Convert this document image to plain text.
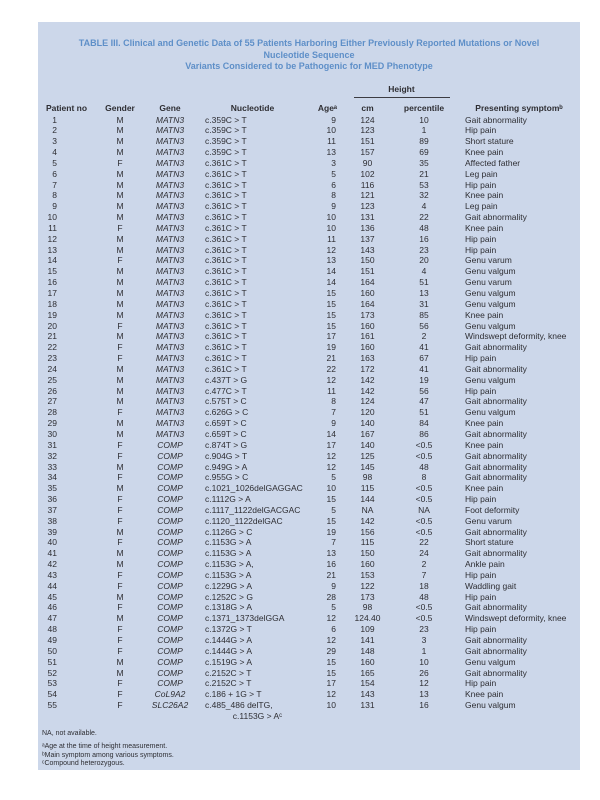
TABLE III. Clinical and Genetic Data of 55 Patients Harboring Either Previously Reported Mutations or Novel Nucleotide Sequence
Variants Considered to be Pathogenic for MED Phenotype

					Height		

Patient no	Gender	Gene	Nucleotide	Ageᵃ	cm	percentile	Presenting symptomᵇ
1	M	MATN3	c.359C > T	9	124	10	Gait abnormality
2	M	MATN3	c.359C > T	10	123	1	Hip pain
3	M	MATN3	c.359C > T	11	151	89	Short stature
4	M	MATN3	c.359C > T	13	157	69	Knee pain
5	F	MATN3	c.361C > T	3	90	35	Affected father
6	M	MATN3	c.361C > T	5	102	21	Leg pain
7	M	MATN3	c.361C > T	6	116	53	Hip pain
8	M	MATN3	c.361C > T	8	121	32	Knee pain
9	M	MATN3	c.361C > T	9	123	4	Leg pain
10	M	MATN3	c.361C > T	10	131	22	Gait abnormality
11	F	MATN3	c.361C > T	10	136	48	Knee pain
12	M	MATN3	c.361C > T	11	137	16	Hip pain
13	M	MATN3	c.361C > T	12	143	23	Hip pain
14	F	MATN3	c.361C > T	13	150	20	Genu varum
15	M	MATN3	c.361C > T	14	151	4	Genu valgum
16	M	MATN3	c.361C > T	14	164	51	Genu varum
17	M	MATN3	c.361C > T	15	160	13	Genu valgum
18	M	MATN3	c.361C > T	15	164	31	Genu valgum
19	M	MATN3	c.361C > T	15	173	85	Knee pain
20	F	MATN3	c.361C > T	15	160	56	Genu valgum
21	M	MATN3	c.361C > T	17	161	2	Windswept deformity, knee
22	F	MATN3	c.361C > T	19	160	41	Gait abnormality
23	F	MATN3	c.361C > T	21	163	67	Hip pain
24	M	MATN3	c.361C > T	22	172	41	Gait abnormality
25	M	MATN3	c.437T > G	12	142	19	Genu valgum
26	M	MATN3	c.477C > T	11	142	56	Hip pain
27	M	MATN3	c.575T > C	8	124	47	Gait abnormality
28	F	MATN3	c.626G > C	7	120	51	Genu valgum
29	M	MATN3	c.659T > C	9	140	84	Knee pain
30	M	MATN3	c.659T > C	14	167	86	Gait abnormality
31	F	COMP	c.874T > G	17	140	<0.5	Knee pain
32	F	COMP	c.904G > T	12	125	<0.5	Gait abnormality
33	M	COMP	c.949G > A	12	145	48	Gait abnormality
34	F	COMP	c.955G > C	5	98	8	Gait abnormality
35	M	COMP	c.1021_1026delGAGGAC	10	115	<0.5	Knee pain
36	F	COMP	c.1112G > A	15	144	<0.5	Hip pain
37	F	COMP	c.1117_1122delGACGAC	5	NA	NA	Foot deformity
38	F	COMP	c.1120_1122delGAC	15	142	<0.5	Genu varum
39	M	COMP	c.1126G > C	19	156	<0.5	Gait abnormality
40	F	COMP	c.1153G > A	7	115	22	Short stature
41	M	COMP	c.1153G > A	13	150	24	Gait abnormality
42	M	COMP	c.1153G > A,	16	160	2	Ankle pain
43	F	COMP	c.1153G > A	21	153	7	Hip pain
44	F	COMP	c.1229G > A	9	122	18	Waddling gait
45	M	COMP	c.1252C > G	28	173	48	Hip pain
46	F	COMP	c.1318G > A	5	98	<0.5	Gait abnormality
47	M	COMP	c.1371_1373delGGA	12	124.40	<0.5	Windswept deformity, knee
48	F	COMP	c.1372G > T	6	109	23	Hip pain
49	F	COMP	c.1444G > A	12	141	3	Gait abnormality
50	F	COMP	c.1444G > A	29	148	1	Gait abnormality
51	M	COMP	c.1519G > A	15	160	10	Genu valgum
52	M	COMP	c.2152C > T	15	165	26	Gait abnormality
53	F	COMP	c.2152C > T	17	154	12	Hip pain
54	F	CoL9A2	c.186 + 1G > T	12	143	13	Knee pain
55	F	SLC26A2	c.485_486 delTG,
c.1153G > Aᶜ	10	131	16	Genu valgum
NA, not available.
ᵃAge at the time of height measurement.
ᵇMain symptom among various symptoms.
ᶜCompound heterozygous.
